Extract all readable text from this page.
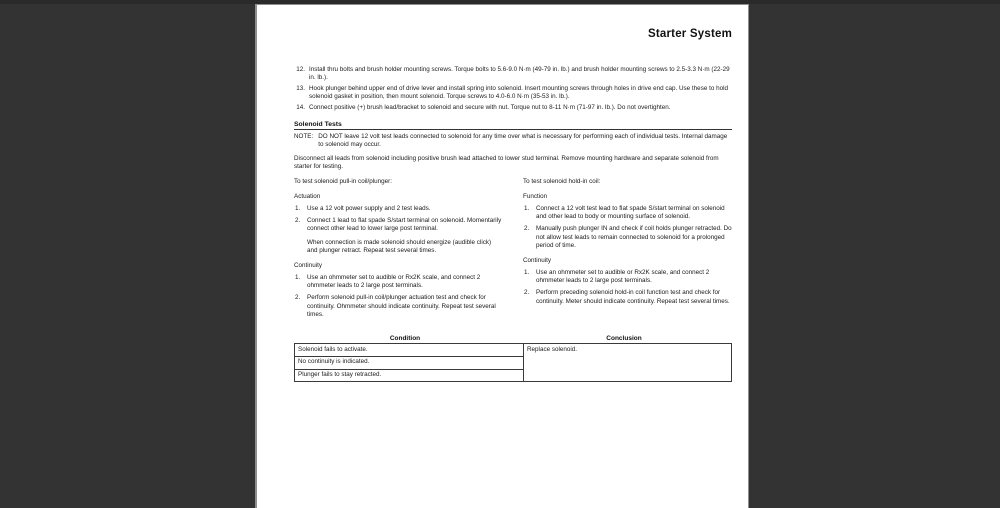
Starter System
12. Install thru bolts and brush holder mounting screws. Torque bolts to 5.6-9.0 N·m (49-79 in. lb.) and brush holder mounting screws to 2.5-3.3 N·m (22-29 in. lb.).
13. Hook plunger behind upper end of drive lever and install spring into solenoid. Insert mounting screws through holes in drive end cap. Use these to hold solenoid gasket in position, then mount solenoid. Torque screws to 4.0-6.0 N·m (35-53 in. lb.).
14. Connect positive (+) brush lead/bracket to solenoid and secure with nut. Torque nut to 8-11 N·m (71-97 in. lb.). Do not overtighten.
Solenoid Tests
NOTE: DO NOT leave 12 volt test leads connected to solenoid for any time over what is necessary for performing each of individual tests. Internal damage to solenoid may occur.
Disconnect all leads from solenoid including positive brush lead attached to lower stud terminal. Remove mounting hardware and separate solenoid from starter for testing.
To test solenoid pull-in coil/plunger:
Actuation
1.	Use a 12 volt power supply and 2 test leads.
2.	Connect 1 lead to flat spade S/start terminal on solenoid. Momentarily connect other lead to lower large post terminal.
When connection is made solenoid should energize (audible click) and plunger retract. Repeat test several times.
Continuity
1.	Use an ohmmeter set to audible or Rx2K scale, and connect 2 ohmmeter leads to 2 large post terminals.
2.	Perform solenoid pull-in coil/plunger actuation test and check for continuity. Ohmmeter should indicate continuity. Repeat test several times.
To test solenoid hold-in coil:
Function
1.	Connect a 12 volt test lead to flat spade S/start terminal on solenoid and other lead to body or mounting surface of solenoid.
2.	Manually push plunger IN and check if coil holds plunger retracted. Do not allow test leads to remain connected to solenoid for a prolonged period of time.
Continuity
1.	Use an ohmmeter set to audible or Rx2K scale, and connect 2 ohmmeter leads to 2 large post terminals.
2.	Perform preceding solenoid hold-in coil function test and check for continuity. Meter should indicate continuity. Repeat test several times.
Condition	Conclusion
Solenoid fails to activate.	Replace solenoid.
No continuity is indicated.
Plunger fails to stay retracted.
